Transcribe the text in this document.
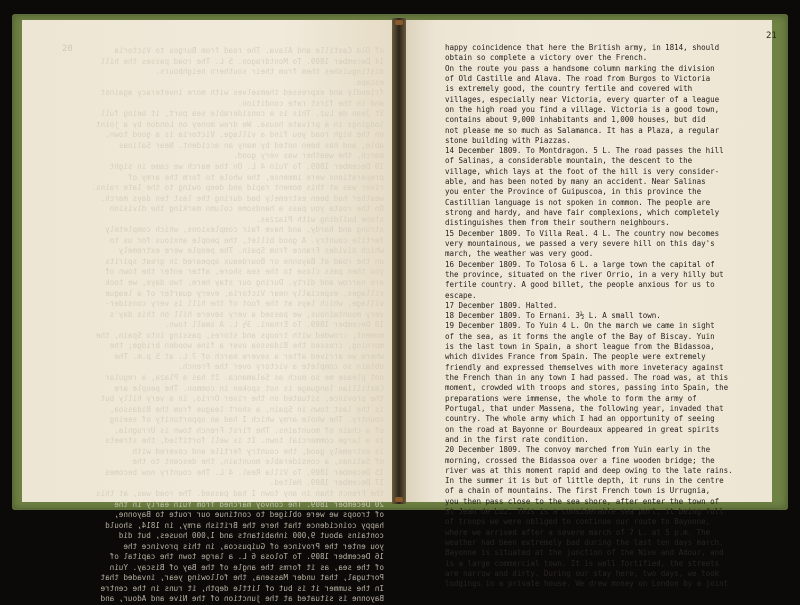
20	of Old Castille and Alava. The road from Burgos to Victoria
14 December 1809. To Montdragon. 5 L. The road passes the hill
distinguishes them from their southern neighbours.
escape.
friendly and expressed themselves with more inveteracy against
and in the first rate condition.
St Jean de Luz. This is a considerable sea port, it being full
lodgings in a private house. We drew money on London by a joint
on the high road you find a village. Victoria is a good town,
able, and has been noted by many an accident. Near Salinas
march, the weather was very good.
19 December 1809. To Yuin 4 L. On the march we came in sight
preparations were immense, the whole to form the army of
river was at this moment rapid and deep owing to the late rains.
weather had been extremely bad during the last ten days march.
On the route you pass a handsome column marking the division
stone building with Piazzas.
strong and hardy, and have fair complexions, which completely
fertile country. A good billet, the people anxious for us to
which divides France from Spain. The people were extremely
on the road at Bayonne or Bourdeaux appeared in great spirits
you then pass close to the sea shore, after enter the town of
are narrow and dirty. During our stay here, two days, we took
villages, especially near Victoria, every quarter of a league
village, which lays at the foot of the hill is very consider-
very mountainous, we passed a very severe hill on this day's
18 December 1809. To Ernani. 3½ L. A small town.
moment, crowded with troops and stores, passing into Spain, the
morning, crossed the Bidassoa over a fine wooden bridge; the
where we arrived after a severe march of 7 L. at 5 p.m. The
obtain so complete a victory over the French.
not please me so much as Salamanca. It has a Plaza, a regular
Castillian language is not spoken in common. The people are
the province, situated on the river Orrio, in a very hilly but
is the last town in Spain, a short league from the Bidassoa,
country. The whole army which I had an opportunity of seeing
of a chain of mountains. The first French town is Urrugnia,
is a large commercial town. It is well fortified, the streets
is extremely good, the country fertile and covered with
of Salinas, a considerable mountain, the descent to the
15 December 1809. To Villa Real. 4 L. The country now becomes
17 December 1809. Halted.
the French than in any town I had passed. The road was, at this
20 December 1809. The convoy marched from Yuin early in the
of troops we were obliged to continue our route to Bayonne,
happy coincidence that here the British army, in 1814, should
contains about 9,000 inhabitants and 1,000 houses, but did
you enter the Province of Guipuscoa, in this province the
16 December 1809. To Tolosa 6 L. a large town the capital of
of the sea, as it forms the angle of the Bay of Biscay. Yuin
Portugal, that under Massena, the following year, invaded that
In the summer it is but of little depth, it runs in the centre
Bayonne is situated at the junction of the Nive and Adour, and
21
happy coincidence that here the British army, in 1814, should
obtain so complete a victory over the French.
On the route you pass a handsome column marking the division
of Old Castille and Alava. The road from Burgos to Victoria
is extremely good, the country fertile and covered with
villages, especially near Victoria, every quarter of a league
on the high road you find a village. Victoria is a good town,
contains about 9,000 inhabitants and 1,000 houses, but did
not please me so much as Salamanca. It has a Plaza, a regular
stone building with Piazzas.
14 December 1809. To Montdragon. 5 L. The road passes the hill
of Salinas, a considerable mountain, the descent to the
village, which lays at the foot of the hill is very consider-
able, and has been noted by many an accident. Near Salinas
you enter the Province of Guipuscoa, in this province the
Castillian language is not spoken in common. The people are
strong and hardy, and have fair complexions, which completely
distinguishes them from their southern neighbours.
15 December 1809. To Villa Real. 4 L. The country now becomes
very mountainous, we passed a very severe hill on this day's
march, the weather was very good.
16 December 1809. To Tolosa 6 L. a large town the capital of
the province, situated on the river Orrio, in a very hilly but
fertile country. A good billet, the people anxious for us to
escape.
17 December 1809. Halted.
18 December 1809. To Ernani. 3½ L. A small town.
19 December 1809. To Yuin 4 L. On the march we came in sight
of the sea, as it forms the angle of the Bay of Biscay. Yuin
is the last town in Spain, a short league from the Bidassoa,
which divides France from Spain. The people were extremely
friendly and expressed themselves with more inveteracy against
the French than in any town I had passed. The road was, at this
moment, crowded with troops and stores, passing into Spain, the
preparations were immense, the whole to form the army of
Portugal, that under Massena, the following year, invaded that
country. The whole army which I had an opportunity of seeing
on the road at Bayonne or Bourdeaux appeared in great spirits
and in the first rate condition.
20 December 1809. The convoy marched from Yuin early in the
morning, crossed the Bidassoa over a fine wooden bridge; the
river was at this moment rapid and deep owing to the late rains.
In the summer it is but of little depth, it runs in the centre
of a chain of mountains. The first French town is Urrugnia,
you then pass close to the sea shore, after enter the town of
St Jean de Luz. This is a considerable sea port, it being full
of troops we were obliged to continue our route to Bayonne,
where we arrived after a severe march of 7 L. at 5 p.m. The
weather had been extremely bad during the last ten days march.
Bayonne is situated at the junction of the Nive and Adour, and
is a large commercial town. It is well fortified, the streets
are narrow and dirty. During our stay here, two days, we took
lodgings in a private house. We drew money on London by a joint
